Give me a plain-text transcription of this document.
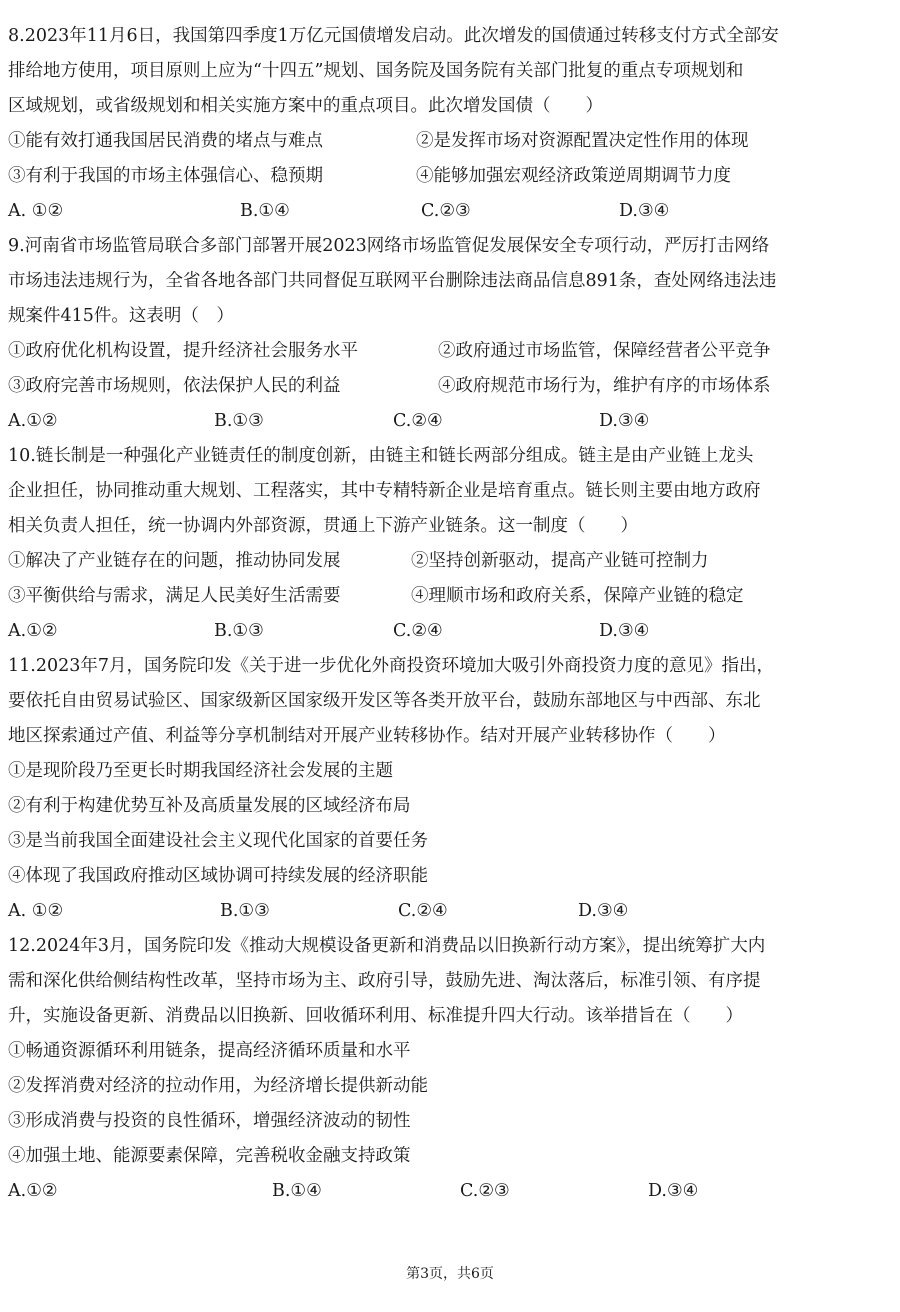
8.2023年11月6日，我国第四季度1万亿元国债增发启动。此次增发的国债通过转移支付方式全部安
排给地方使用，项目原则上应为“十四五”规划、国务院及国务院有关部门批复的重点专项规划和
区域规划，或省级规划和相关实施方案中的重点项目。此次增发国债（　　）
①能有效打通我国居民消费的堵点与难点	②是发挥市场对资源配置决定性作用的体现
③有利于我国的市场主体强信心、稳预期	④能够加强宏观经济政策逆周期调节力度
A. ①②	B.①④	C.②③	D.③④
9.河南省市场监管局联合多部门部署开展2023网络市场监管促发展保安全专项行动，严厉打击网络
市场违法违规行为，全省各地各部门共同督促互联网平台删除违法商品信息891条，查处网络违法违
规案件415件。这表明（　）
①政府优化机构设置，提升经济社会服务水平	②政府通过市场监管，保障经营者公平竞争
③政府完善市场规则，依法保护人民的利益	④政府规范市场行为，维护有序的市场体系
A.①②	B.①③	C.②④	D.③④
10.链长制是一种强化产业链责任的制度创新，由链主和链长两部分组成。链主是由产业链上龙头
企业担任，协同推动重大规划、工程落实，其中专精特新企业是培育重点。链长则主要由地方政府
相关负责人担任，统一协调内外部资源，贯通上下游产业链条。这一制度（　　）
①解决了产业链存在的问题，推动协同发展	②坚持创新驱动，提高产业链可控制力
③平衡供给与需求，满足人民美好生活需要	④理顺市场和政府关系，保障产业链的稳定
A.①②	B.①③	C.②④	D.③④
11.2023年7月，国务院印发《关于进一步优化外商投资环境加大吸引外商投资力度的意见》指出，
要依托自由贸易试验区、国家级新区国家级开发区等各类开放平台，鼓励东部地区与中西部、东北
地区探索通过产值、利益等分享机制结对开展产业转移协作。结对开展产业转移协作（　　）
①是现阶段乃至更长时期我国经济社会发展的主题
②有利于构建优势互补及高质量发展的区域经济布局
③是当前我国全面建设社会主义现代化国家的首要任务
④体现了我国政府推动区域协调可持续发展的经济职能
A. ①②	B.①③	C.②④	D.③④
12.2024年3月，国务院印发《推动大规模设备更新和消费品以旧换新行动方案》，提出统筹扩大内
需和深化供给侧结构性改革，坚持市场为主、政府引导，鼓励先进、淘汰落后，标准引领、有序提
升，实施设备更新、消费品以旧换新、回收循环利用、标准提升四大行动。该举措旨在（　　）
①畅通资源循环利用链条，提高经济循环质量和水平
②发挥消费对经济的拉动作用，为经济增长提供新动能
③形成消费与投资的良性循环，增强经济波动的韧性
④加强土地、能源要素保障，完善税收金融支持政策
A.①②	B.①④	C.②③	D.③④
第3页，共6页
